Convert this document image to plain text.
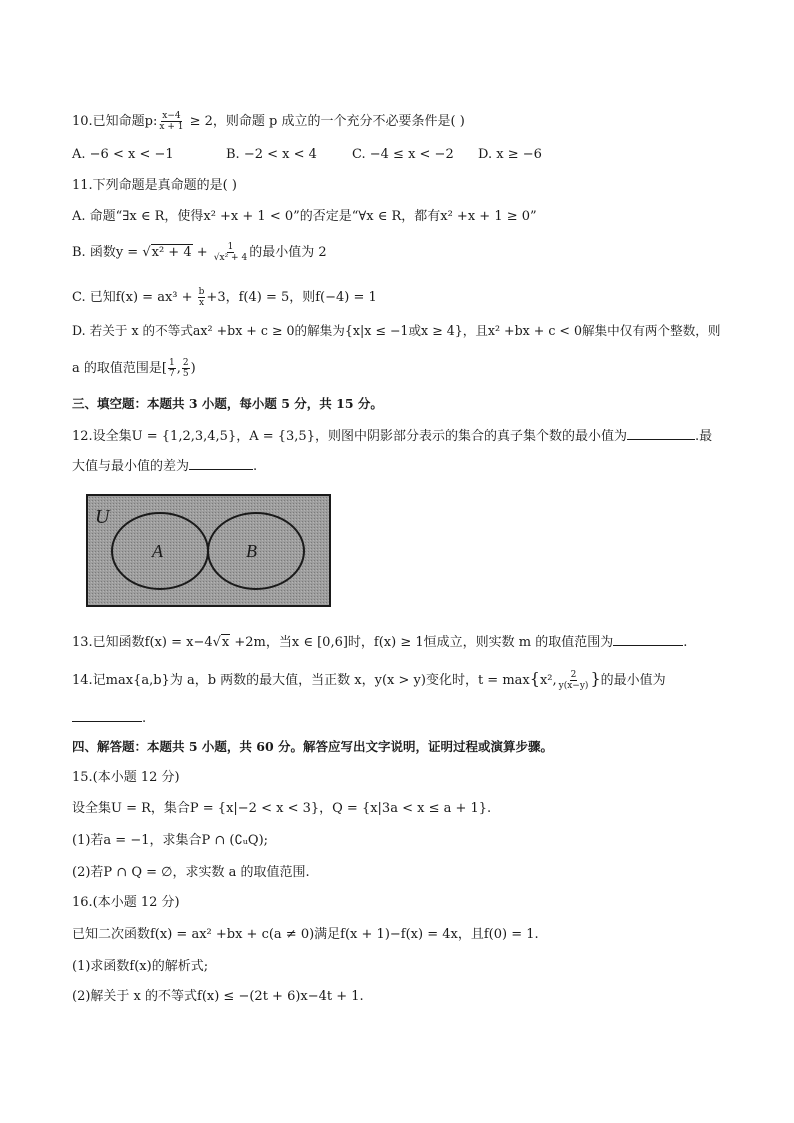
10.已知命题p: $\frac{x-4}{x + 1} \ge 2$，则命题 p 成立的一个充分不必要条件是( )
A. −6 < x < −1	B. −2 < x < 4	C. −4 ≤ x < −2 D. x ≥ −6
11.下列命题是真命题的是( )
A. 命题“∃x ∈ R，使得x² +x + 1 < 0”的否定是“∀x ∈ R，都有x² +x + 1 ≥ 0”
B. 函数$y = √x^2 + 4 + \frac{1}{\text{√x² + 4}}$ 的最小值为 2
C. 已知$f(x) = ax^3 + \frac{b}{x} +3$，f(4) = 5，则f(−4) = 1
D. 若关于 x 的不等式ax² +bx + c ≥ 0的解集为{x|x ≤ −1或x ≥ 4}，且x² +bx + c < 0解集中仅有两个整数，则
a 的取值范围是[ $\frac{1}{7}$ , $\frac{2}{5}$ )
三、填空题：本题共 3 小题，每小题 5 分，共 15 分。
12.设全集U = {1,2,3,4,5}，A = {3,5}，则图中阴影部分表示的集合的真子集个数的最小值为	.最
大值与最小值的差为	.
U
A	B
13.已知函数f(x) = x−4√x +2m，当x ∈ [0,6]时，f(x) ≥ 1恒成立，则实数 m 的取值范围为	.
14.记max{a,b}为 a，b 两数的最大值，当正数 x，y(x > y)变化时，t = max{x², $\frac{2}{y(x-y)}$ }的最小值为
.
四、解答题：本题共 5 小题，共 60 分。解答应写出文字说明，证明过程或演算步骤。
15.(本小题 12 分)
设全集U = R，集合P = {x|−2 < x < 3}，Q = {x|3a < x ≤ a + 1}.
(1)若a = −1，求集合P ∩ (∁ᵤQ);
(2)若P ∩ Q = ∅，求实数 a 的取值范围.
16.(本小题 12 分)
已知二次函数f(x) = ax² +bx + c(a ≠ 0)满足f(x + 1)−f(x) = 4x，且f(0) = 1.
(1)求函数f(x)的解析式;
(2)解关于 x 的不等式f(x) ≤ −(2t + 6)x−4t + 1.
